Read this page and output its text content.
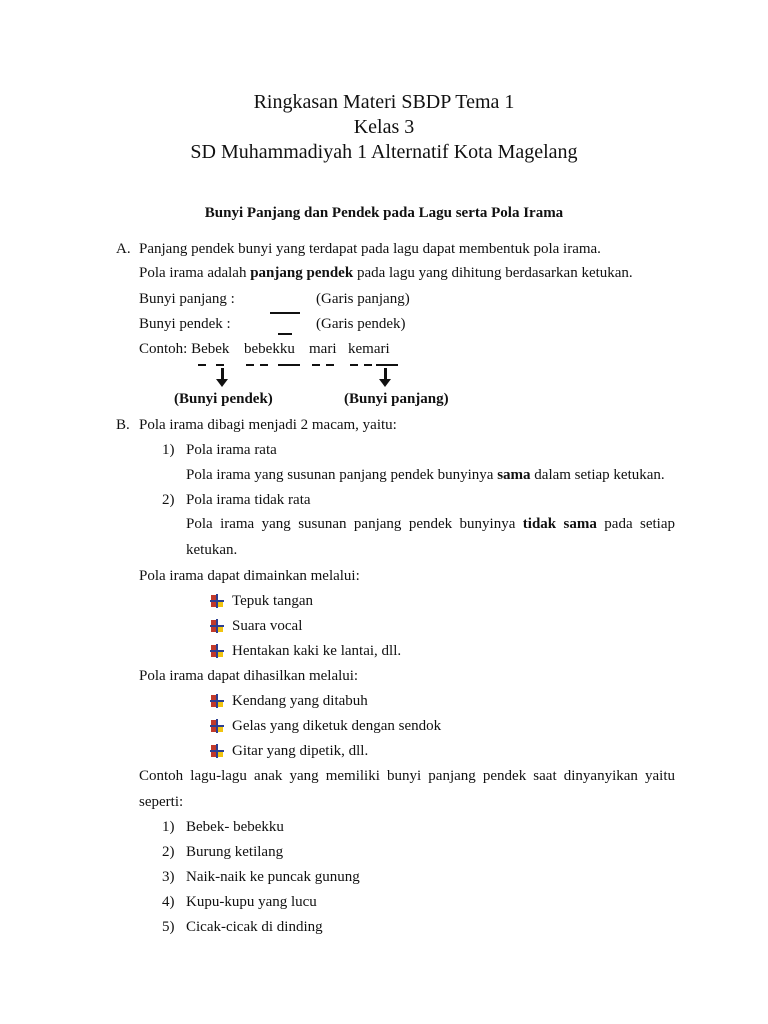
Ringkasan Materi SBDP Tema 1
Kelas 3
SD Muhammadiyah 1 Alternatif Kota Magelang
Bunyi Panjang dan Pendek pada Lagu serta Pola Irama
A. Panjang pendek bunyi yang terdapat pada lagu dapat membentuk pola irama.
Pola irama adalah panjang pendek pada lagu yang dihitung berdasarkan ketukan.
Bunyi panjang :	(Garis panjang)
Bunyi pendek :	(Garis pendek)
Contoh: Bebek bebekku mari kemari
(Bunyi pendek)	(Bunyi panjang)
B. Pola irama dibagi menjadi 2 macam, yaitu:
1) Pola irama rata
Pola irama yang susunan panjang pendek bunyinya sama dalam setiap ketukan.
2) Pola irama tidak rata
Pola irama yang susunan panjang pendek bunyinya tidak sama pada setiap
ketukan.
Pola irama dapat dimainkan melalui:
Tepuk tangan
Suara vocal
Hentakan kaki ke lantai, dll.
Pola irama dapat dihasilkan melalui:
Kendang yang ditabuh
Gelas yang diketuk dengan sendok
Gitar yang dipetik, dll.
Contoh lagu-lagu anak yang memiliki bunyi panjang pendek saat dinyanyikan yaitu
seperti:
1) Bebek- bebekku
2) Burung ketilang
3) Naik-naik ke puncak gunung
4) Kupu-kupu yang lucu
5) Cicak-cicak di dinding
